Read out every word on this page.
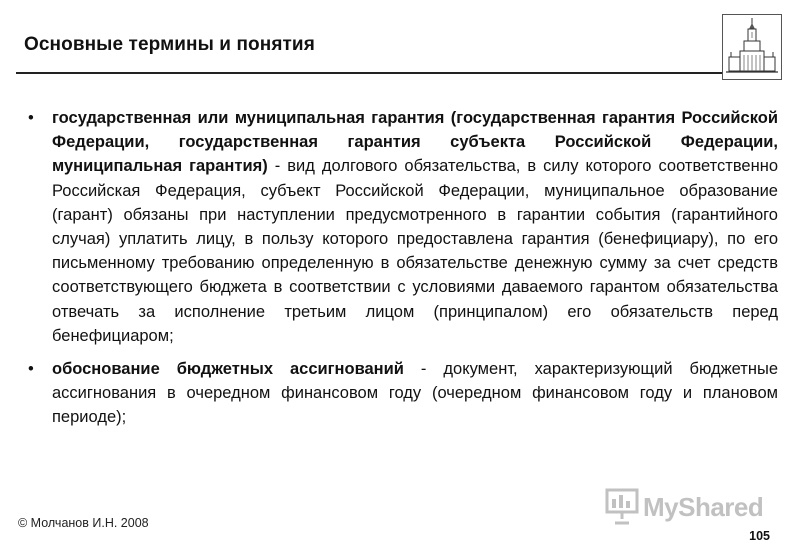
Основные термины и понятия
• государственная или муниципальная гарантия (государственная гарантия Российской Федерации, государственная гарантия субъекта Российской Федерации, муниципальная гарантия) - вид долгового обязательства, в силу которого соответственно Российская Федерация, субъект Российской Федерации, муниципальное образование (гарант) обязаны при наступлении предусмотренного в гарантии события (гарантийного случая) уплатить лицу, в пользу которого предоставлена гарантия (бенефициару), по его письменному требованию определенную в обязательстве денежную сумму за счет средств соответствующего бюджета в соответствии с условиями даваемого гарантом обязательства отвечать за исполнение третьим лицом (принципалом) его обязательств перед бенефициаром;
• обоснование бюджетных ассигнований - документ, характеризующий бюджетные ассигнования в очередном финансовом году (очередном финансовом году и плановом периоде);
MyShared
© Молчанов И.Н. 2008
105
